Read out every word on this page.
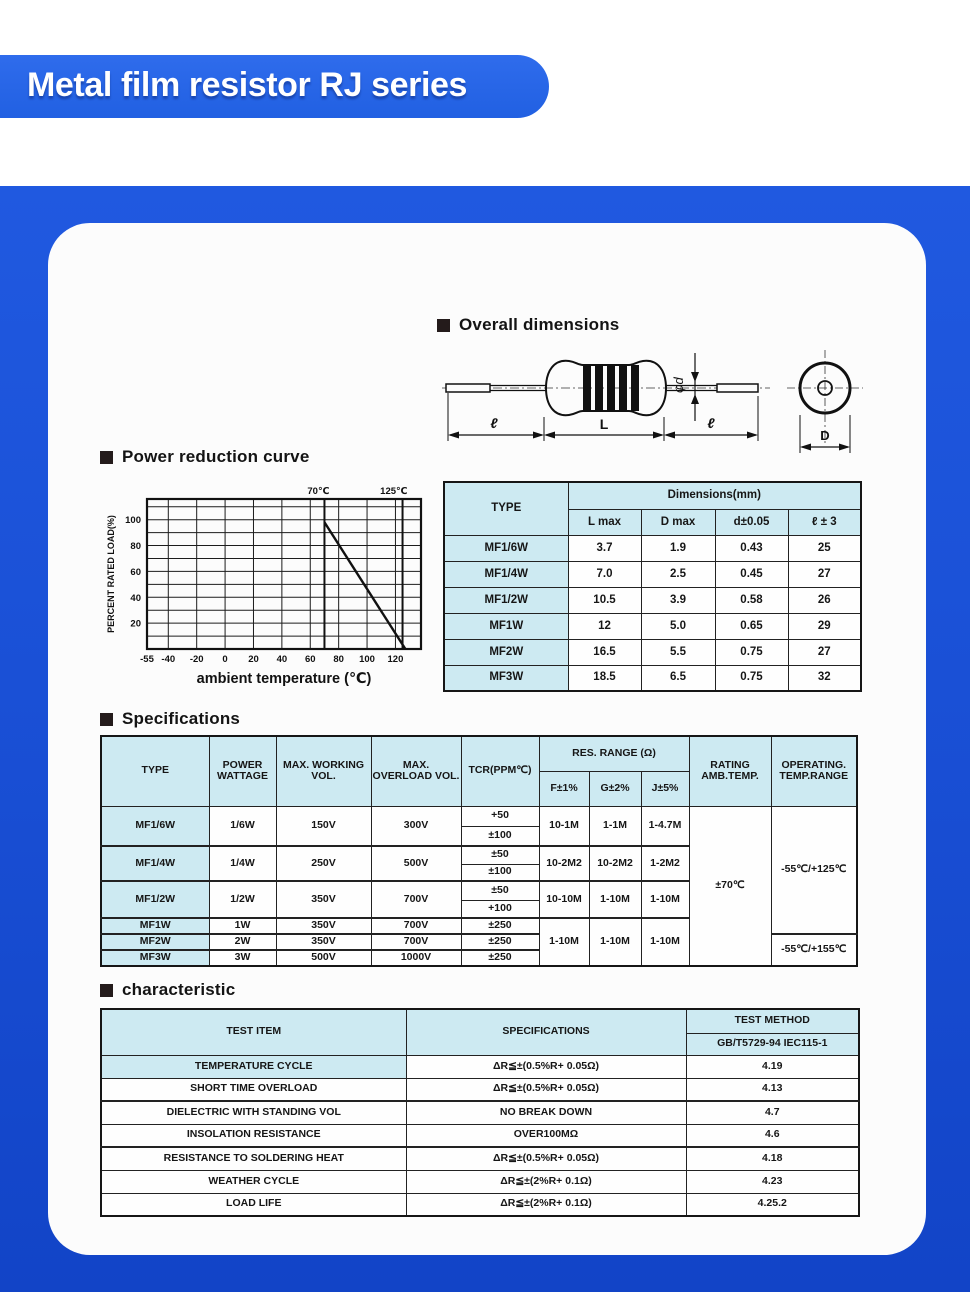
Metal film resistor RJ series
Overall dimensions
φd
ℓ	L	ℓ
D
Power reduction curve
70℃	125℃
20
40
60
80
100
-55 -40 -20 0 20 40 60 80 100 120
ambient temperature (℃)
PERCENT RATED LOAD(%)
TYPE	Dimensions(mm)			
	L max	D max	d±0.05	ℓ ± 3
MF1/6W	3.7	1.9	0.43	25
MF1/4W	7.0	2.5	0.45	27
MF1/2W	10.5	3.9	0.58	26
MF1W	12	5.0	0.65	29
MF2W	16.5	5.5	0.75	27
MF3W	18.5	6.5	0.75	32
Specifications
TYPE	POWER WATTAGE	MAX. WORKING VOL.	MAX. OVERLOAD VOL.	TCR(PPM℃)	RES. RANGE (Ω)			RATING AMB.TEMP.	OPERATING. TEMP.RANGE
					F±1%	G±2%	J±5%		
MF1/6W	1/6W	150V	300V	+50	10-1M	1-1M	1-4.7M	±70℃	-55℃/+125℃
				±100					
MF1/4W	1/4W	250V	500V	±50	10-2M2	10-2M2	1-2M2		
				±100					
MF1/2W	1/2W	350V	700V	±50	10-10M	1-10M	1-10M		
				+100					
MF1W	1W	350V	700V	±250	1-10M	1-10M	1-10M		
MF2W	2W	350V	700V	±250					-55℃/+155℃
MF3W	3W	500V	1000V	±250					
characteristic
TEST ITEM	SPECIFICATIONS	TEST METHOD
		GB/T5729-94 IEC115-1
TEMPERATURE CYCLE	ΔR≦±(0.5%R+ 0.05Ω)	4.19
SHORT TIME OVERLOAD	ΔR≦±(0.5%R+ 0.05Ω)	4.13
DIELECTRIC WITH STANDING VOL	NO BREAK DOWN	4.7
INSOLATION RESISTANCE	OVER100MΩ	4.6
RESISTANCE TO SOLDERING HEAT	ΔR≦±(0.5%R+ 0.05Ω)	4.18
WEATHER CYCLE	ΔR≦±(2%R+ 0.1Ω)	4.23
LOAD LIFE	ΔR≦±(2%R+ 0.1Ω)	4.25.2
